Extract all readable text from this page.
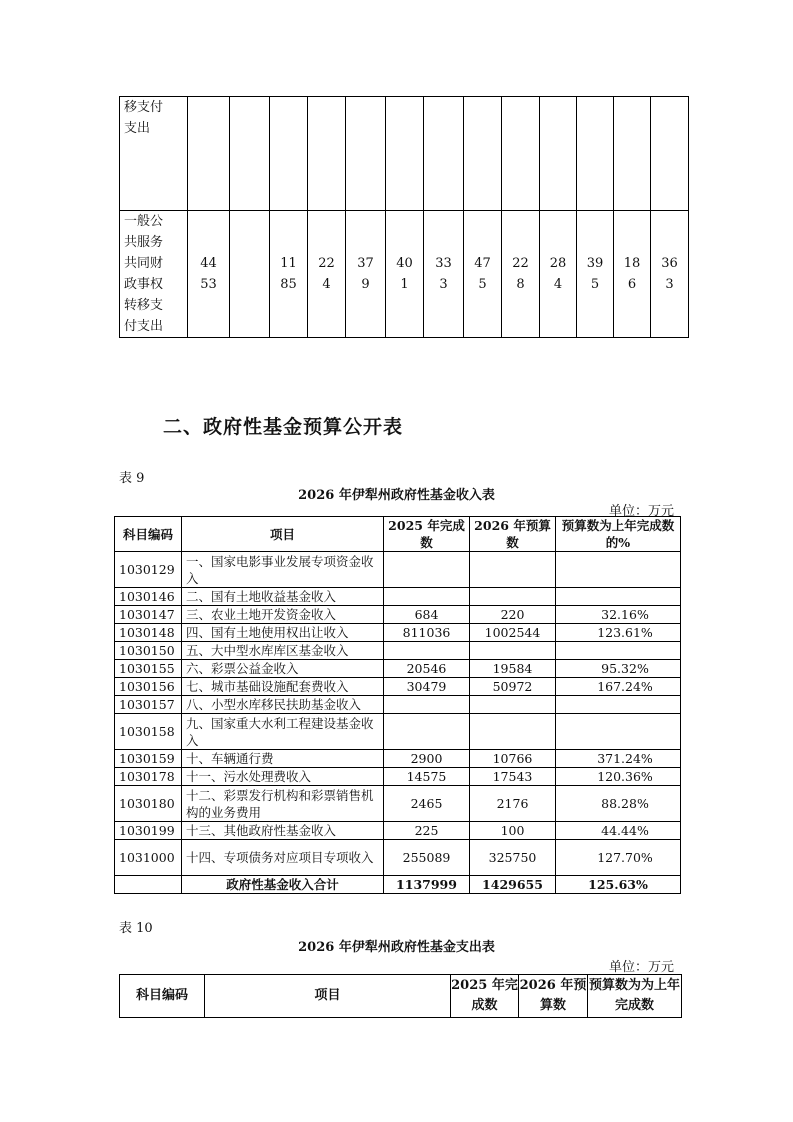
移支付支出													

一般公共服务共同财政事权转移支付支出	4453		1185	224	379	401	333	475	228	284	395	186	363
二、政府性基金预算公开表
表 9
2026 年伊犁州政府性基金收入表
单位：万元
科目编码	项目	2025 年完成数	2026 年预算数	预算数为上年完成数的%
1030129	一、国家电影事业发展专项资金收入			
1030146	二、国有土地收益基金收入			
1030147	三、农业土地开发资金收入	684	220	32.16%
1030148	四、国有土地使用权出让收入	811036	1002544	123.61%
1030150	五、大中型水库库区基金收入			
1030155	六、彩票公益金收入	20546	19584	95.32%
1030156	七、城市基础设施配套费收入	30479	50972	167.24%
1030157	八、小型水库移民扶助基金收入			
1030158	九、国家重大水利工程建设基金收入			
1030159	十、车辆通行费	2900	10766	371.24%
1030178	十一、污水处理费收入	14575	17543	120.36%
1030180	十二、彩票发行机构和彩票销售机构的业务费用	2465	2176	88.28%
1030199	十三、其他政府性基金收入	225	100	44.44%
1031000	十四、专项债务对应项目专项收入	255089	325750	127.70%
	政府性基金收入合计	1137999	1429655	125.63%
表 10
2026 年伊犁州政府性基金支出表
单位：万元
科目编码	项目	2025 年完成数	2026 年预算数	预算数为为上年完成数
